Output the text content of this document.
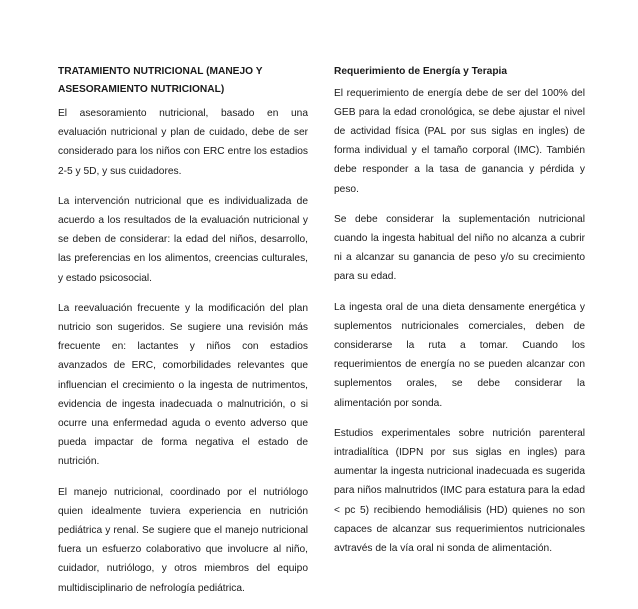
TRATAMIENTO NUTRICIONAL (MANEJO Y ASESORAMIENTO NUTRICIONAL)

El asesoramiento nutricional, basado en una evaluación nutricional y plan de cuidado, debe de ser considerado para los niños con ERC entre los estadios 2-5 y 5D, y sus cuidadores.

La intervención nutricional que es individualizada de acuerdo a los resultados de la evaluación nutricional y se deben de considerar: la edad del niños, desarrollo, las preferencias en los alimentos, creencias culturales, y estado psicosocial.

La reevaluación frecuente y la modificación del plan nutricio son sugeridos. Se sugiere una revisión más frecuente en: lactantes y niños con estadios avanzados de ERC, comorbilidades relevantes que influencian el crecimiento o la ingesta de nutrimentos, evidencia de ingesta inadecuada o malnutrición, o si ocurre una enfermedad aguda o evento adverso que pueda impactar de forma negativa el estado de nutrición.

El manejo nutricional, coordinado por el nutriólogo quien idealmente tuviera experiencia en nutrición pediátrica y renal. Se sugiere que el manejo nutricional fuera un esfuerzo colaborativo que involucre al niño, cuidador, nutriólogo, y otros miembros del equipo multidisciplinario de nefrología pediátrica.

Requerimiento de Energía y Terapia

El requerimiento de energía debe de ser del 100% del GEB para la edad cronológica, se debe ajustar el nivel de actividad física (PAL por sus siglas en ingles) de forma individual y el tamaño corporal (IMC). También debe responder a la tasa de ganancia y pérdida y peso.

Se debe considerar la suplementación nutricional cuando la ingesta habitual del niño no alcanza a cubrir ni a alcanzar su ganancia de peso y/o su crecimiento para su edad.

La ingesta oral de una dieta densamente energética y suplementos nutricionales comerciales, deben de considerarse la ruta a tomar. Cuando los requerimientos de energía no se pueden alcanzar con suplementos orales, se debe considerar la alimentación por sonda.

Estudios experimentales sobre nutrición parenteral intradialítica (IDPN por sus siglas en ingles) para aumentar la ingesta nutricional inadecuada es sugerida para niños malnutridos (IMC para estatura para la edad < pc 5) recibiendo hemodiálisis (HD) quienes no son capaces de alcanzar sus requerimientos nutricionales avtravés de la vía oral ni sonda de alimentación.
